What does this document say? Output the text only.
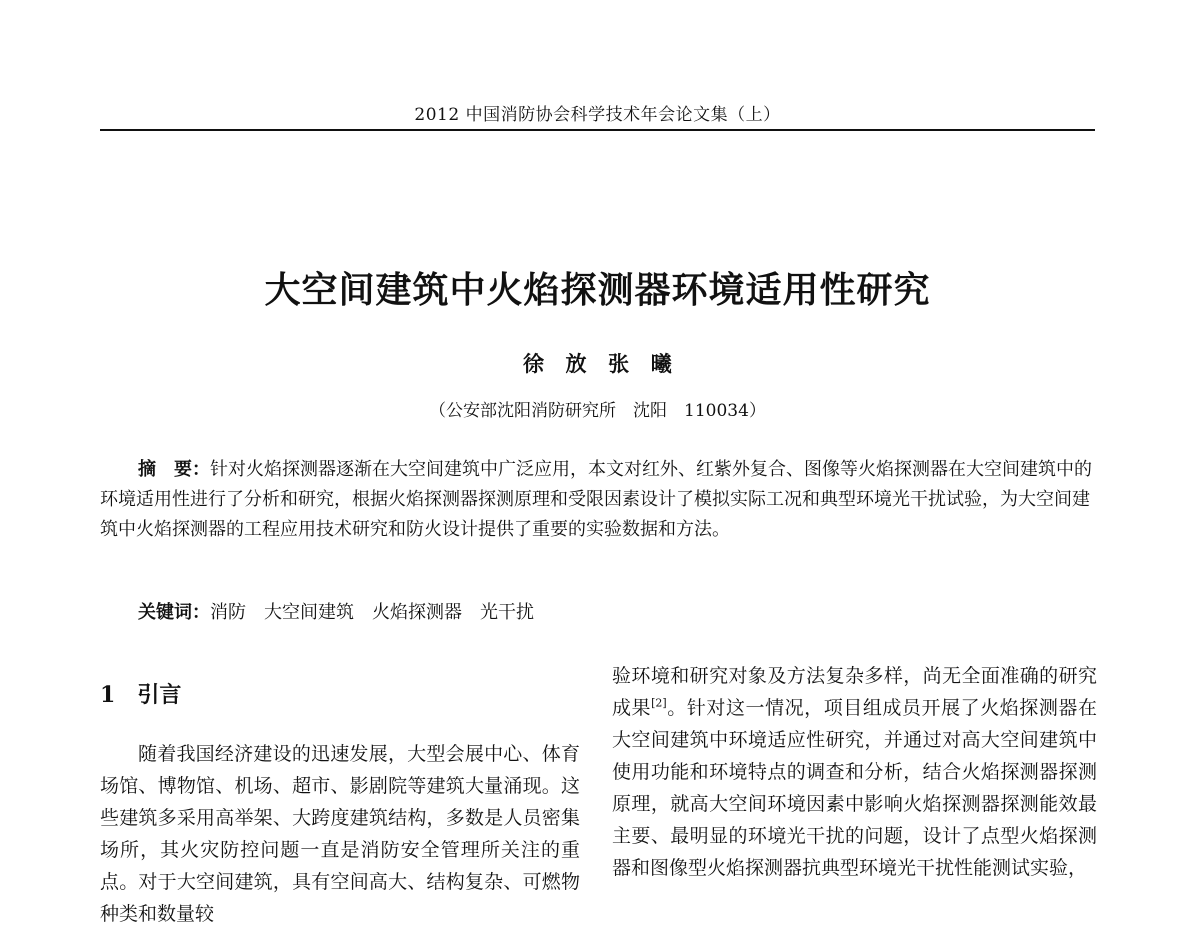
2012 中国消防协会科学技术年会论文集（上）
大空间建筑中火焰探测器环境适用性研究
徐　放　张　曦
（公安部沈阳消防研究所　沈阳　110034）

摘　要：针对火焰探测器逐渐在大空间建筑中广泛应用，本文对红外、红紫外复合、图像等火焰探测器在大空间建筑中的环境适用性进行了分析和研究，根据火焰探测器探测原理和受限因素设计了模拟实际工况和典型环境光干扰试验，为大空间建筑中火焰探测器的工程应用技术研究和防火设计提供了重要的实验数据和方法。

关键词：消防　大空间建筑　火焰探测器　光干扰

1 引言

随着我国经济建设的迅速发展，大型会展中心、体育场馆、博物馆、机场、超市、影剧院等建筑大量涌现。这些建筑多采用高举架、大跨度建筑结构，多数是人员密集场所，其火灾防控问题一直是消防安全管理所关注的重点。对于大空间建筑，具有空间高大、结构复杂、可燃物种类和数量较

验环境和研究对象及方法复杂多样，尚无全面准确的研究成果[2]。针对这一情况，项目组成员开展了火焰探测器在大空间建筑中环境适应性研究，并通过对高大空间建筑中使用功能和环境特点的调查和分析，结合火焰探测器探测原理，就高大空间环境因素中影响火焰探测器探测能效最主要、最明显的环境光干扰的问题，设计了点型火焰探测器和图像型火焰探测器抗典型环境光干扰性能测试实验，
